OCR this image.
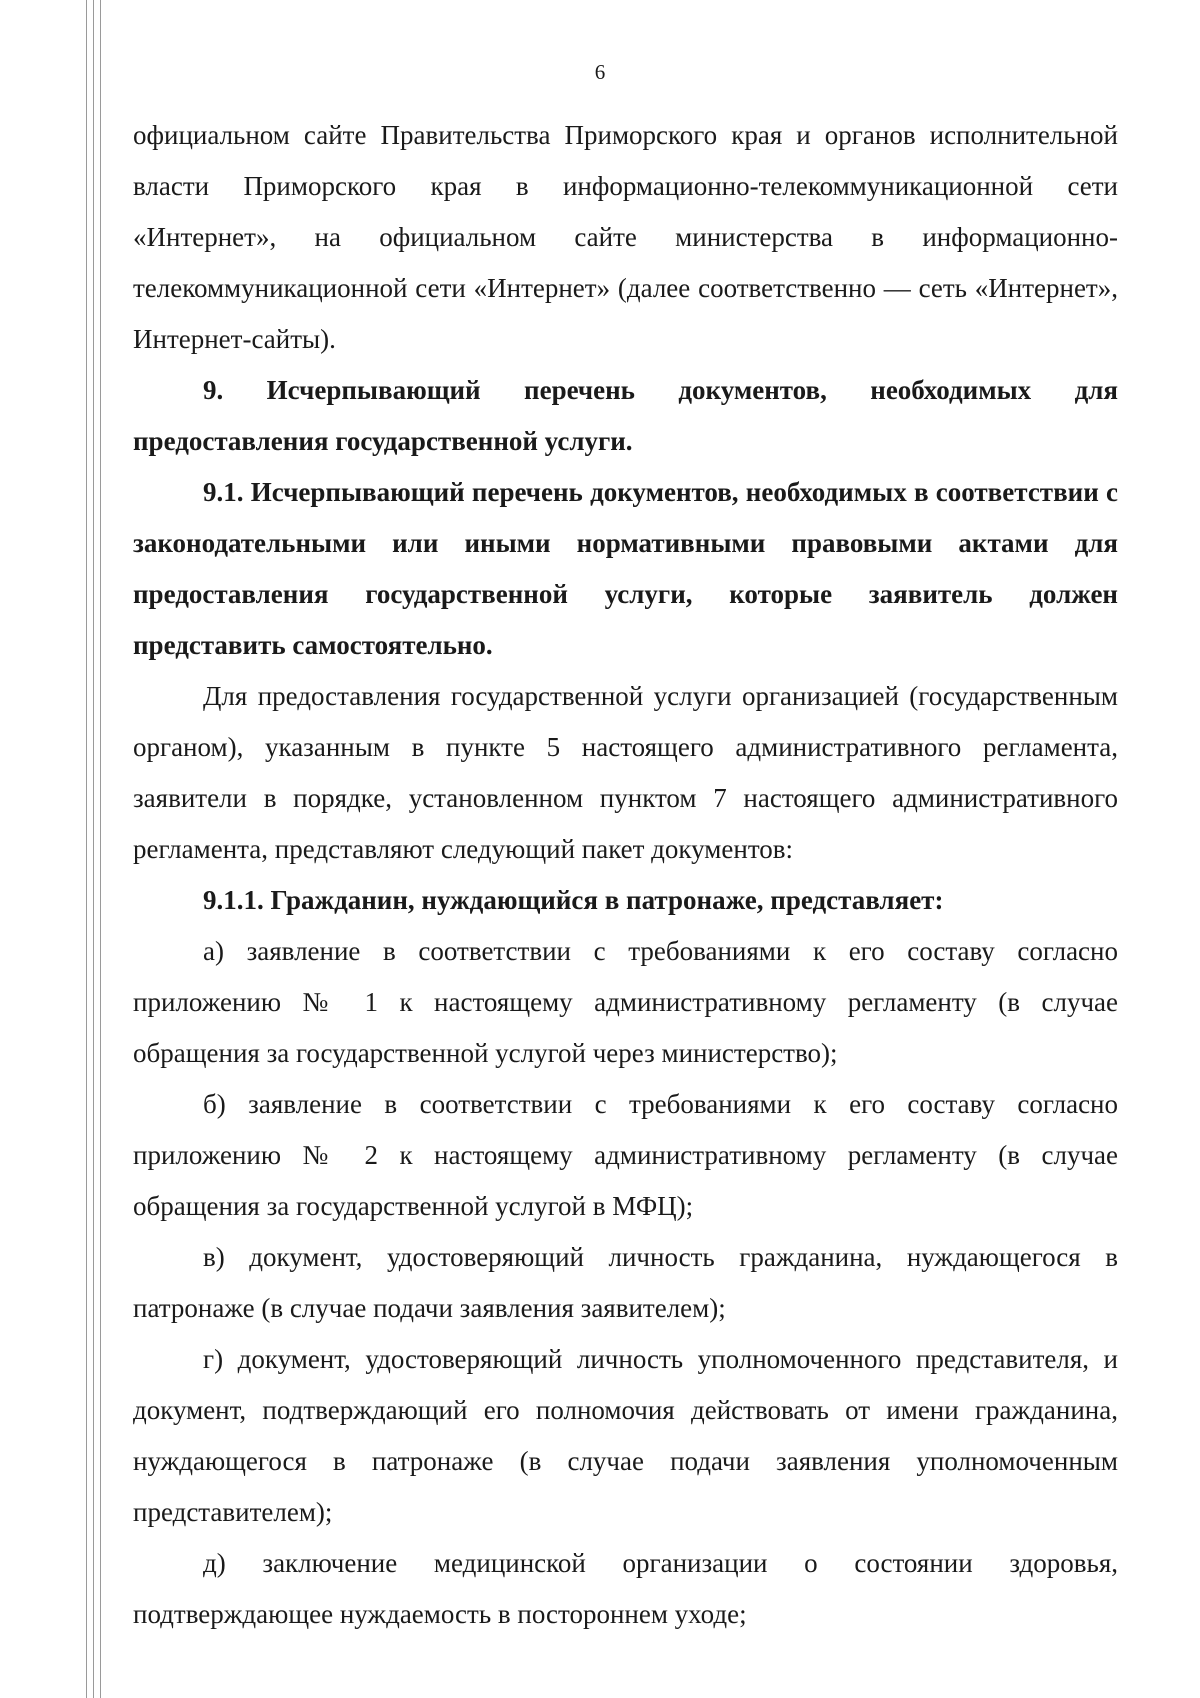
6

официальном сайте Правительства Приморского края и органов исполнительной власти Приморского края в информационно-телекоммуникационной сети «Интернет», на официальном сайте министерства в информационно-телекоммуникационной сети «Интернет» (далее соответственно — сеть «Интернет», Интернет-сайты).

9. Исчерпывающий перечень документов, необходимых для предоставления государственной услуги.

9.1. Исчерпывающий перечень документов, необходимых в соответствии с законодательными или иными нормативными правовыми актами для предоставления государственной услуги, которые заявитель должен представить самостоятельно.

Для предоставления государственной услуги организацией (государственным органом), указанным в пункте 5 настоящего административного регламента, заявители в порядке, установленном пунктом 7 настоящего административного регламента, представляют следующий пакет документов:

9.1.1. Гражданин, нуждающийся в патронаже, представляет:

а) заявление в соответствии с требованиями к его составу согласно приложению № 1 к настоящему административному регламенту (в случае обращения за государственной услугой через министерство);

б) заявление в соответствии с требованиями к его составу согласно приложению № 2 к настоящему административному регламенту (в случае обращения за государственной услугой в МФЦ);

в) документ, удостоверяющий личность гражданина, нуждающегося в патронаже (в случае подачи заявления заявителем);

г) документ, удостоверяющий личность уполномоченного представителя, и документ, подтверждающий его полномочия действовать от имени гражданина, нуждающегося в патронаже (в случае подачи заявления уполномоченным представителем);

д) заключение медицинской организации о состоянии здоровья, подтверждающее нуждаемость в постороннем уходе;
